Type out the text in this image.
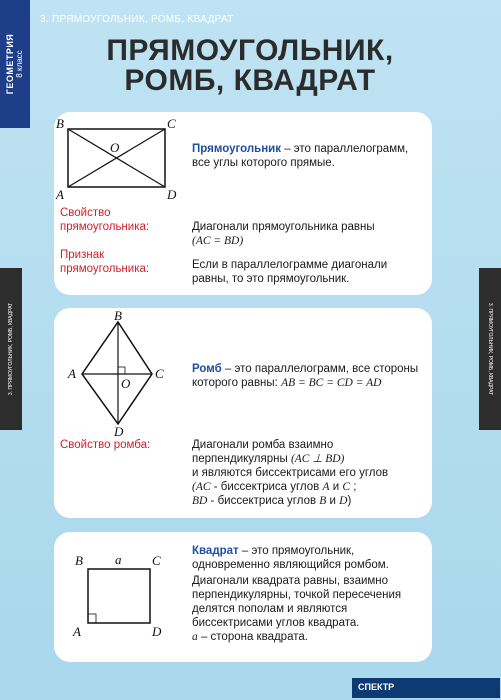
ГЕОМЕТРИЯ 8 класс
3. ПРЯМОУГОЛЬНИК, РОМБ, КВАДРАТ	3. ПРЯМОУГОЛЬНИК, РОМБ, КВАДРАТ
3. ПРЯМОУГОЛЬНИК, РОМБ, КВАДРАТ
ПРЯМОУГОЛЬНИК,
РОМБ, КВАДРАТ
B	C
A	D
O	Прямоугольник – это параллелограмм,
все углы которого прямые.
Свойство
прямоугольника:	Диагонали прямоугольника равны
(AC = BD)
Признак
прямоугольника:	Если в параллелограмме диагонали
равны, то это прямоугольник.
B
C
A
D
O
Ромб – это параллелограмм, все стороны
которого равны: AB = BC = CD = AD
Свойство ромба:	Диагонали ромба взаимно
перпендикулярны (AC ⊥ BD)
и являются биссектрисами его углов
(AC - биссектриса углов A и C ;
BD - биссектриса углов B и D)
B a C
A	D
Квадрат – это прямоугольник,
одновременно являющийся ромбом.
Диагонали квадрата равны, взаимно
перпендикулярны, точкой пересечения
делятся пополам и являются
биссектрисами углов квадрата.
a – сторона квадрата.
СПЕКТР
